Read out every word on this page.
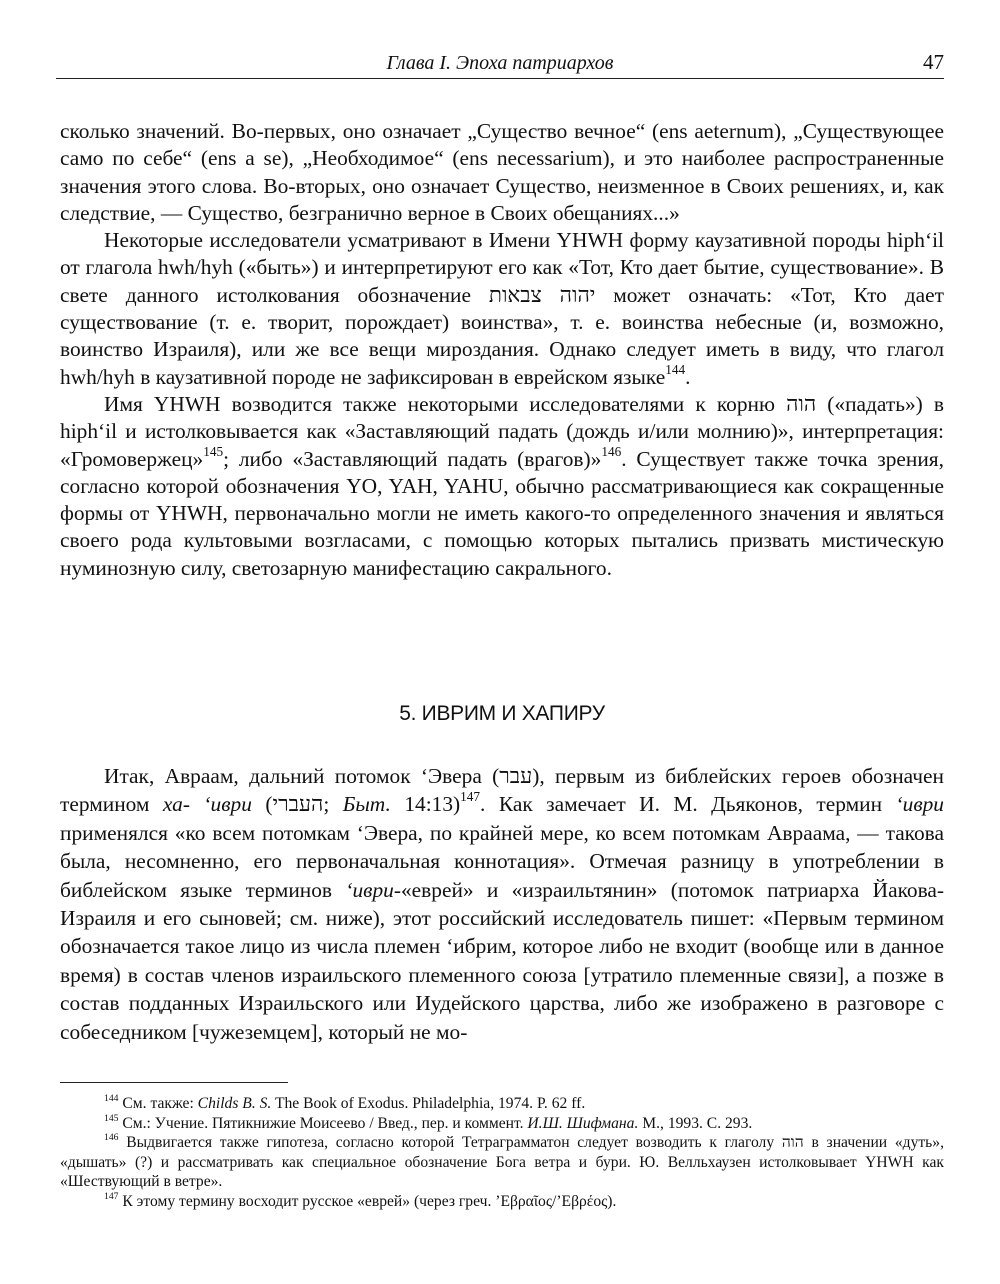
Глава I. Эпоха патриархов	47

сколько значений. Во-первых, оно означает „Существо вечное“ (ens aeternum), „Существующее само по себе“ (ens a se), „Необходимое“ (ens necessarium), и это наиболее распространенные значения этого слова. Во-вторых, оно означает Существо, неизменное в Своих решениях, и, как следствие, — Существо, безгранично верное в Своих обещаниях...»

Некоторые исследователи усматривают в Имени YHWH форму каузативной породы hiph‘il от глагола hwh/hyh («быть») и интерпретируют его как «Тот, Кто дает бытие, существование». В свете данного истолкования обозначение יהוה צבאות может означать: «Тот, Кто дает существование (т. е. творит, порождает) воинства», т. е. воинства небесные (и, возможно, воинство Израиля), или же все вещи мироздания. Однако следует иметь в виду, что глагол hwh/hyh в каузативной породе не зафиксирован в еврейском языке$^{144}$.

Имя YHWH возводится также некоторыми исследователями к корню הוה («падать») в hiph‘il и истолковывается как «Заставляющий падать (дождь и/или молнию)», интерпретация: «Громовержец»$^{145}$; либо «Заставляющий падать (врагов)»$^{146}$. Существует также точка зрения, согласно которой обозначения YO, YAH, YAHU, обычно рассматривающиеся как сокращенные формы от YHWH, первоначально могли не иметь какого-то определенного значения и являться своего рода культовыми возгласами, с помощью которых пытались призвать мистическую нуминозную силу, светозарную манифестацию сакрального.

5. ИВРИМ И ХАПИРУ

Итак, Авраам, дальний потомок ‘Эвера (עבר), первым из библейских героев обозначен термином ха- ‘иври (העברי; Быт. 14:13)$^{147}$. Как замечает И. М. Дьяконов, термин ‘ивpu применялся «ко всем потомкам ‘Эвера, по крайней мере, ко всем потомкам Авраама, — такова была, несомненно, его первоначальная коннотация». Отмечая разницу в употреблении в библейском языке терминов ‘ивpu-«еврей» и «израильтянин» (потомок патриарха Йакова-Израиля и его сыновей; см. ниже), этот российский исследователь пишет: «Первым термином обозначается такое лицо из числа племен ‘ибрим, которое либо не входит (вообще или в данное время) в состав членов израильского племенного союза [утратило племенные связи], а позже в состав подданных Израильского или Иудейского царства, либо же изображено в разговоре с собеседником [чужеземцем], который не мо-

$^{144}$ См. также: Childs B. S. The Book of Exodus. Philadelphia, 1974. P. 62 ff.

$^{145}$ См.: Учение. Пятикнижие Моисеево / Введ., пер. и коммент. И.Ш. Шифмана. М., 1993. С. 293.

$^{146}$ Выдвигается также гипотеза, согласно которой Тетраграмматон следует возводить к глаголу הוה в значении «дуть», «дышать» (?) и рассматривать как специальное обозначение Бога ветра и бури. Ю. Велльхаузен истолковывает YHWH как «Шествующий в ветре».

$^{147}$ К этому термину восходит русское «еврей» (через греч. ’Εβραῖος/’Εβρέος).
